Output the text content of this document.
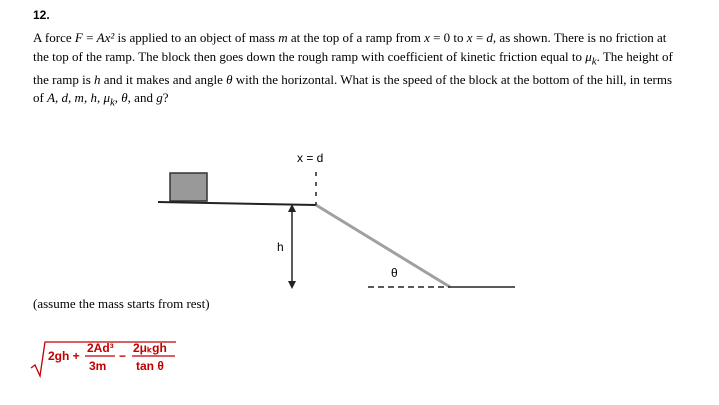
12.
A force F = Ax² is applied to an object of mass m at the top of a ramp from x = 0 to x = d, as shown. There is no friction at the top of the ramp. The block then goes down the rough ramp with coefficient of kinetic friction equal to $\mu_k$. The height of the ramp is h and it makes and angle θ with the horizontal. What is the speed of the block at the bottom of the hill, in terms of A, d, m, h, $\mu_k$, θ, and g?
x = d
h
θ
(assume the mass starts from rest)
2gh +
2Ad³
3m
−
2μₖgh
tan θ
